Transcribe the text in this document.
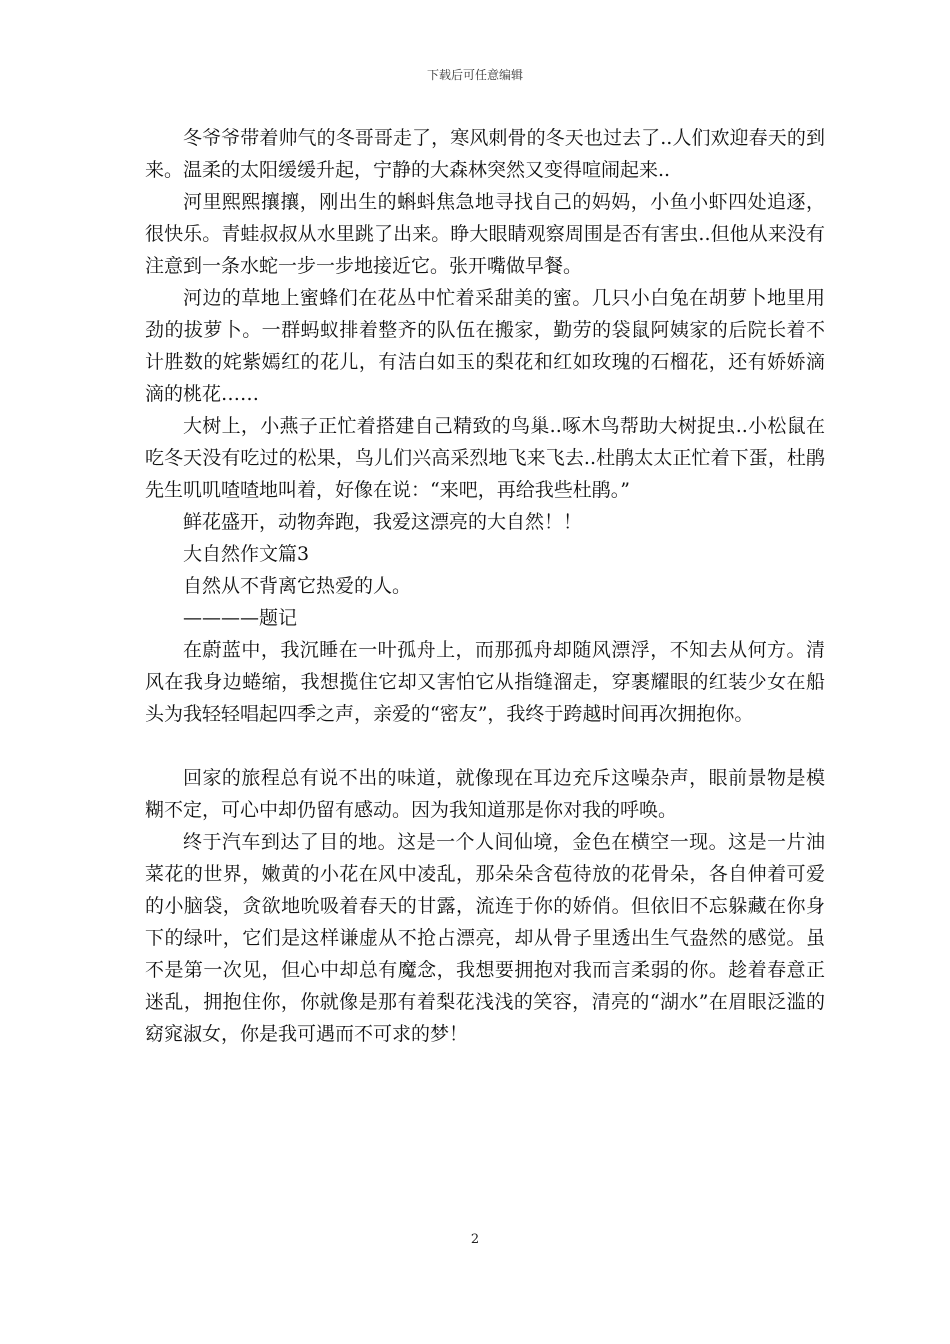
下载后可任意编辑

冬爷爷带着帅气的冬哥哥走了，寒风刺骨的冬天也过去了..人们欢迎春天的到来。温柔的太阳缓缓升起，宁静的大森林突然又变得喧闹起来..

河里熙熙攘攘，刚出生的蝌蚪焦急地寻找自己的妈妈，小鱼小虾四处追逐，很快乐。青蛙叔叔从水里跳了出来。睁大眼睛观察周围是否有害虫..但他从来没有注意到一条水蛇一步一步地接近它。张开嘴做早餐。

河边的草地上蜜蜂们在花丛中忙着采甜美的蜜。几只小白兔在胡萝卜地里用劲的拔萝卜。一群蚂蚁排着整齐的队伍在搬家，勤劳的袋鼠阿姨家的后院长着不计胜数的姹紫嫣红的花儿，有洁白如玉的梨花和红如玫瑰的石榴花，还有娇娇滴滴的桃花……

大树上，小燕子正忙着搭建自己精致的鸟巢..啄木鸟帮助大树捉虫..小松鼠在吃冬天没有吃过的松果，鸟儿们兴高采烈地飞来飞去..杜鹃太太正忙着下蛋，杜鹃先生叽叽喳喳地叫着，好像在说：“来吧，再给我些杜鹃。”

鲜花盛开，动物奔跑，我爱这漂亮的大自然！！

大自然作文篇3

自然从不背离它热爱的人。

————题记

在蔚蓝中，我沉睡在一叶孤舟上，而那孤舟却随风漂浮，不知去从何方。清风在我身边蜷缩，我想揽住它却又害怕它从指缝溜走，穿裹耀眼的红装少女在船头为我轻轻唱起四季之声，亲爱的“密友”，我终于跨越时间再次拥抱你。

回家的旅程总有说不出的味道，就像现在耳边充斥这噪杂声，眼前景物是模糊不定，可心中却仍留有感动。因为我知道那是你对我的呼唤。

终于汽车到达了目的地。这是一个人间仙境，金色在横空一现。这是一片油菜花的世界，嫩黄的小花在风中凌乱，那朵朵含苞待放的花骨朵，各自伸着可爱的小脑袋，贪欲地吮吸着春天的甘露，流连于你的娇俏。但依旧不忘躲藏在你身下的绿叶，它们是这样谦虚从不抢占漂亮，却从骨子里透出生气盎然的感觉。虽不是第一次见，但心中却总有魔念，我想要拥抱对我而言柔弱的你。趁着春意正迷乱，拥抱住你，你就像是那有着梨花浅浅的笑容，清亮的“湖水”在眉眼泛滥的窈窕淑女，你是我可遇而不可求的梦！

2
